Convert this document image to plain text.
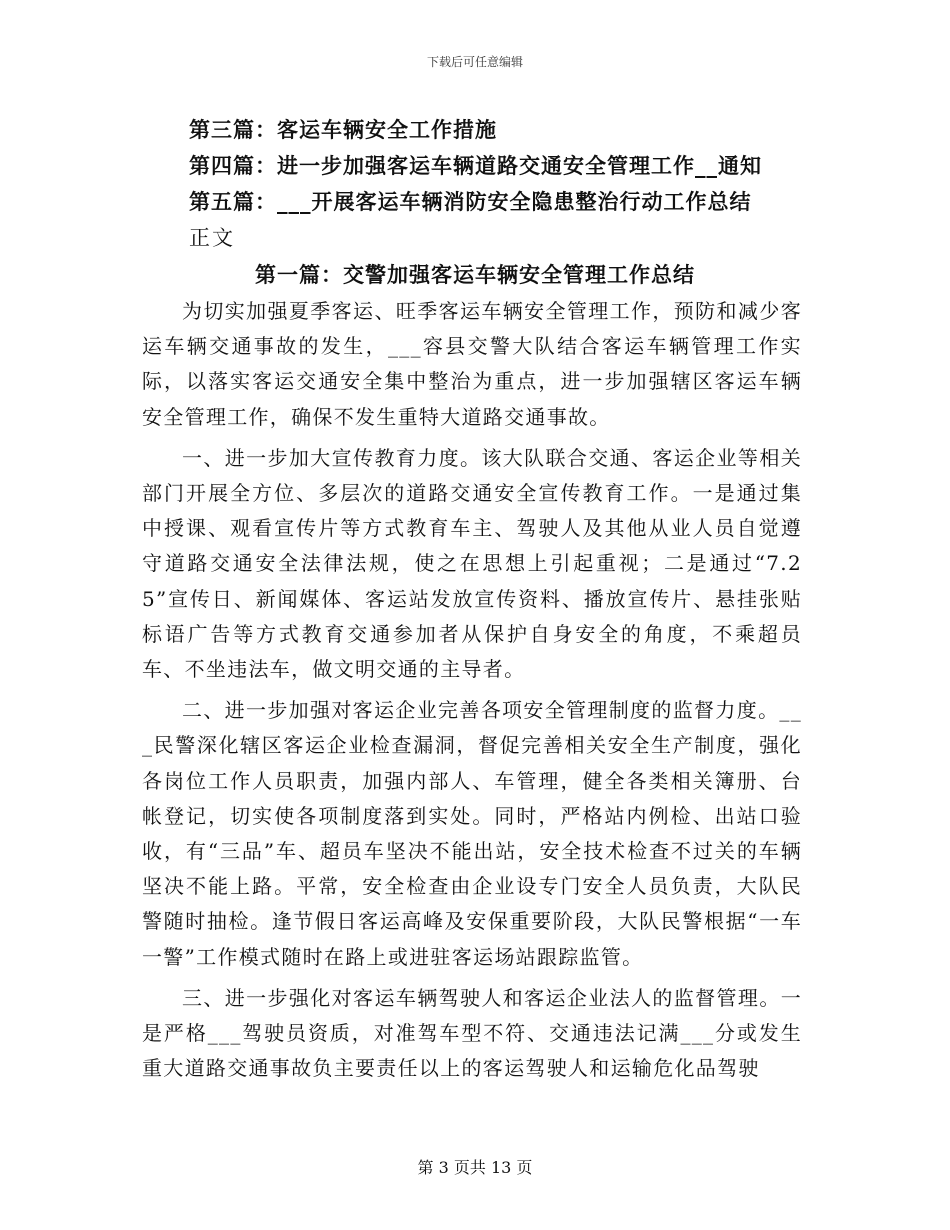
下载后可任意编辑
第三篇：客运车辆安全工作措施
第四篇：进一步加强客运车辆道路交通安全管理工作__通知
第五篇：___开展客运车辆消防安全隐患整治行动工作总结
正文
第一篇：交警加强客运车辆安全管理工作总结

为切实加强夏季客运、旺季客运车辆安全管理工作，预防和减少客运车辆交通事故的发生，___容县交警大队结合客运车辆管理工作实际，以落实客运交通安全集中整治为重点，进一步加强辖区客运车辆安全管理工作，确保不发生重特大道路交通事故。

一、进一步加大宣传教育力度。该大队联合交通、客运企业等相关部门开展全方位、多层次的道路交通安全宣传教育工作。一是通过集中授课、观看宣传片等方式教育车主、驾驶人及其他从业人员自觉遵守道路交通安全法律法规，使之在思想上引起重视；二是通过“7.25”宣传日、新闻媒体、客运站发放宣传资料、播放宣传片、悬挂张贴标语广告等方式教育交通参加者从保护自身安全的角度，不乘超员车、不坐违法车，做文明交通的主导者。

二、进一步加强对客运企业完善各项安全管理制度的监督力度。___民警深化辖区客运企业检查漏洞，督促完善相关安全生产制度，强化各岗位工作人员职责，加强内部人、车管理，健全各类相关簿册、台帐登记，切实使各项制度落到实处。同时，严格站内例检、出站口验收，有“三品”车、超员车坚决不能出站，安全技术检查不过关的车辆坚决不能上路。平常，安全检查由企业设专门安全人员负责，大队民警随时抽检。逢节假日客运高峰及安保重要阶段，大队民警根据“一车一警”工作模式随时在路上或进驻客运场站跟踪监管。

三、进一步强化对客运车辆驾驶人和客运企业法人的监督管理。一是严格___驾驶员资质，对准驾车型不符、交通违法记满___分或发生重大道路交通事故负主要责任以上的客运驾驶人和运输危化品驾驶

第 3 页共 13 页
